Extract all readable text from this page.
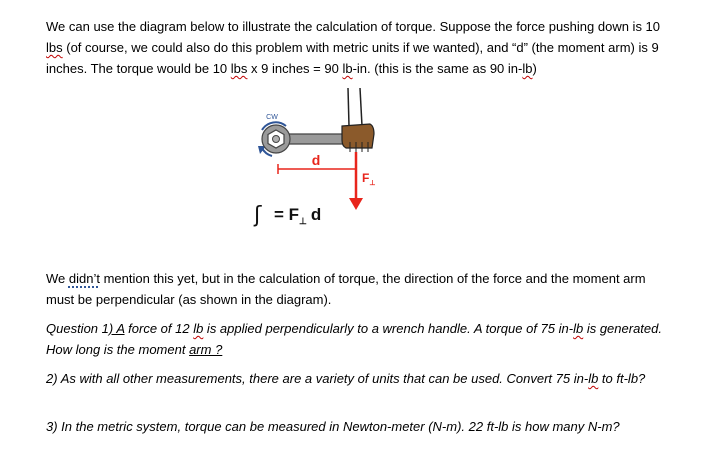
We can use the diagram below to illustrate the calculation of torque. Suppose the force pushing down is 10 lbs (of course, we could also do this problem with metric units if we wanted), and “d” (the moment arm) is 9 inches. The torque would be 10 lbs x 9 inches = 90 lb-in. (this is the same as 90 in-lb)

CW
d
$F_\perp$
ʃ = $F_\perp$ d

We didn’t mention this yet, but in the calculation of torque, the direction of the force and the moment arm must be perpendicular (as shown in the diagram).

Question 1) A force of 12 lb is applied perpendicularly to a wrench handle. A torque of 75 in-lb is generated. How long is the moment arm ?

2) As with all other measurements, there are a variety of units that can be used. Convert 75 in-lb to ft-lb?

3) In the metric system, torque can be measured in Newton-meter (N-m). 22 ft-lb is how many N-m?
